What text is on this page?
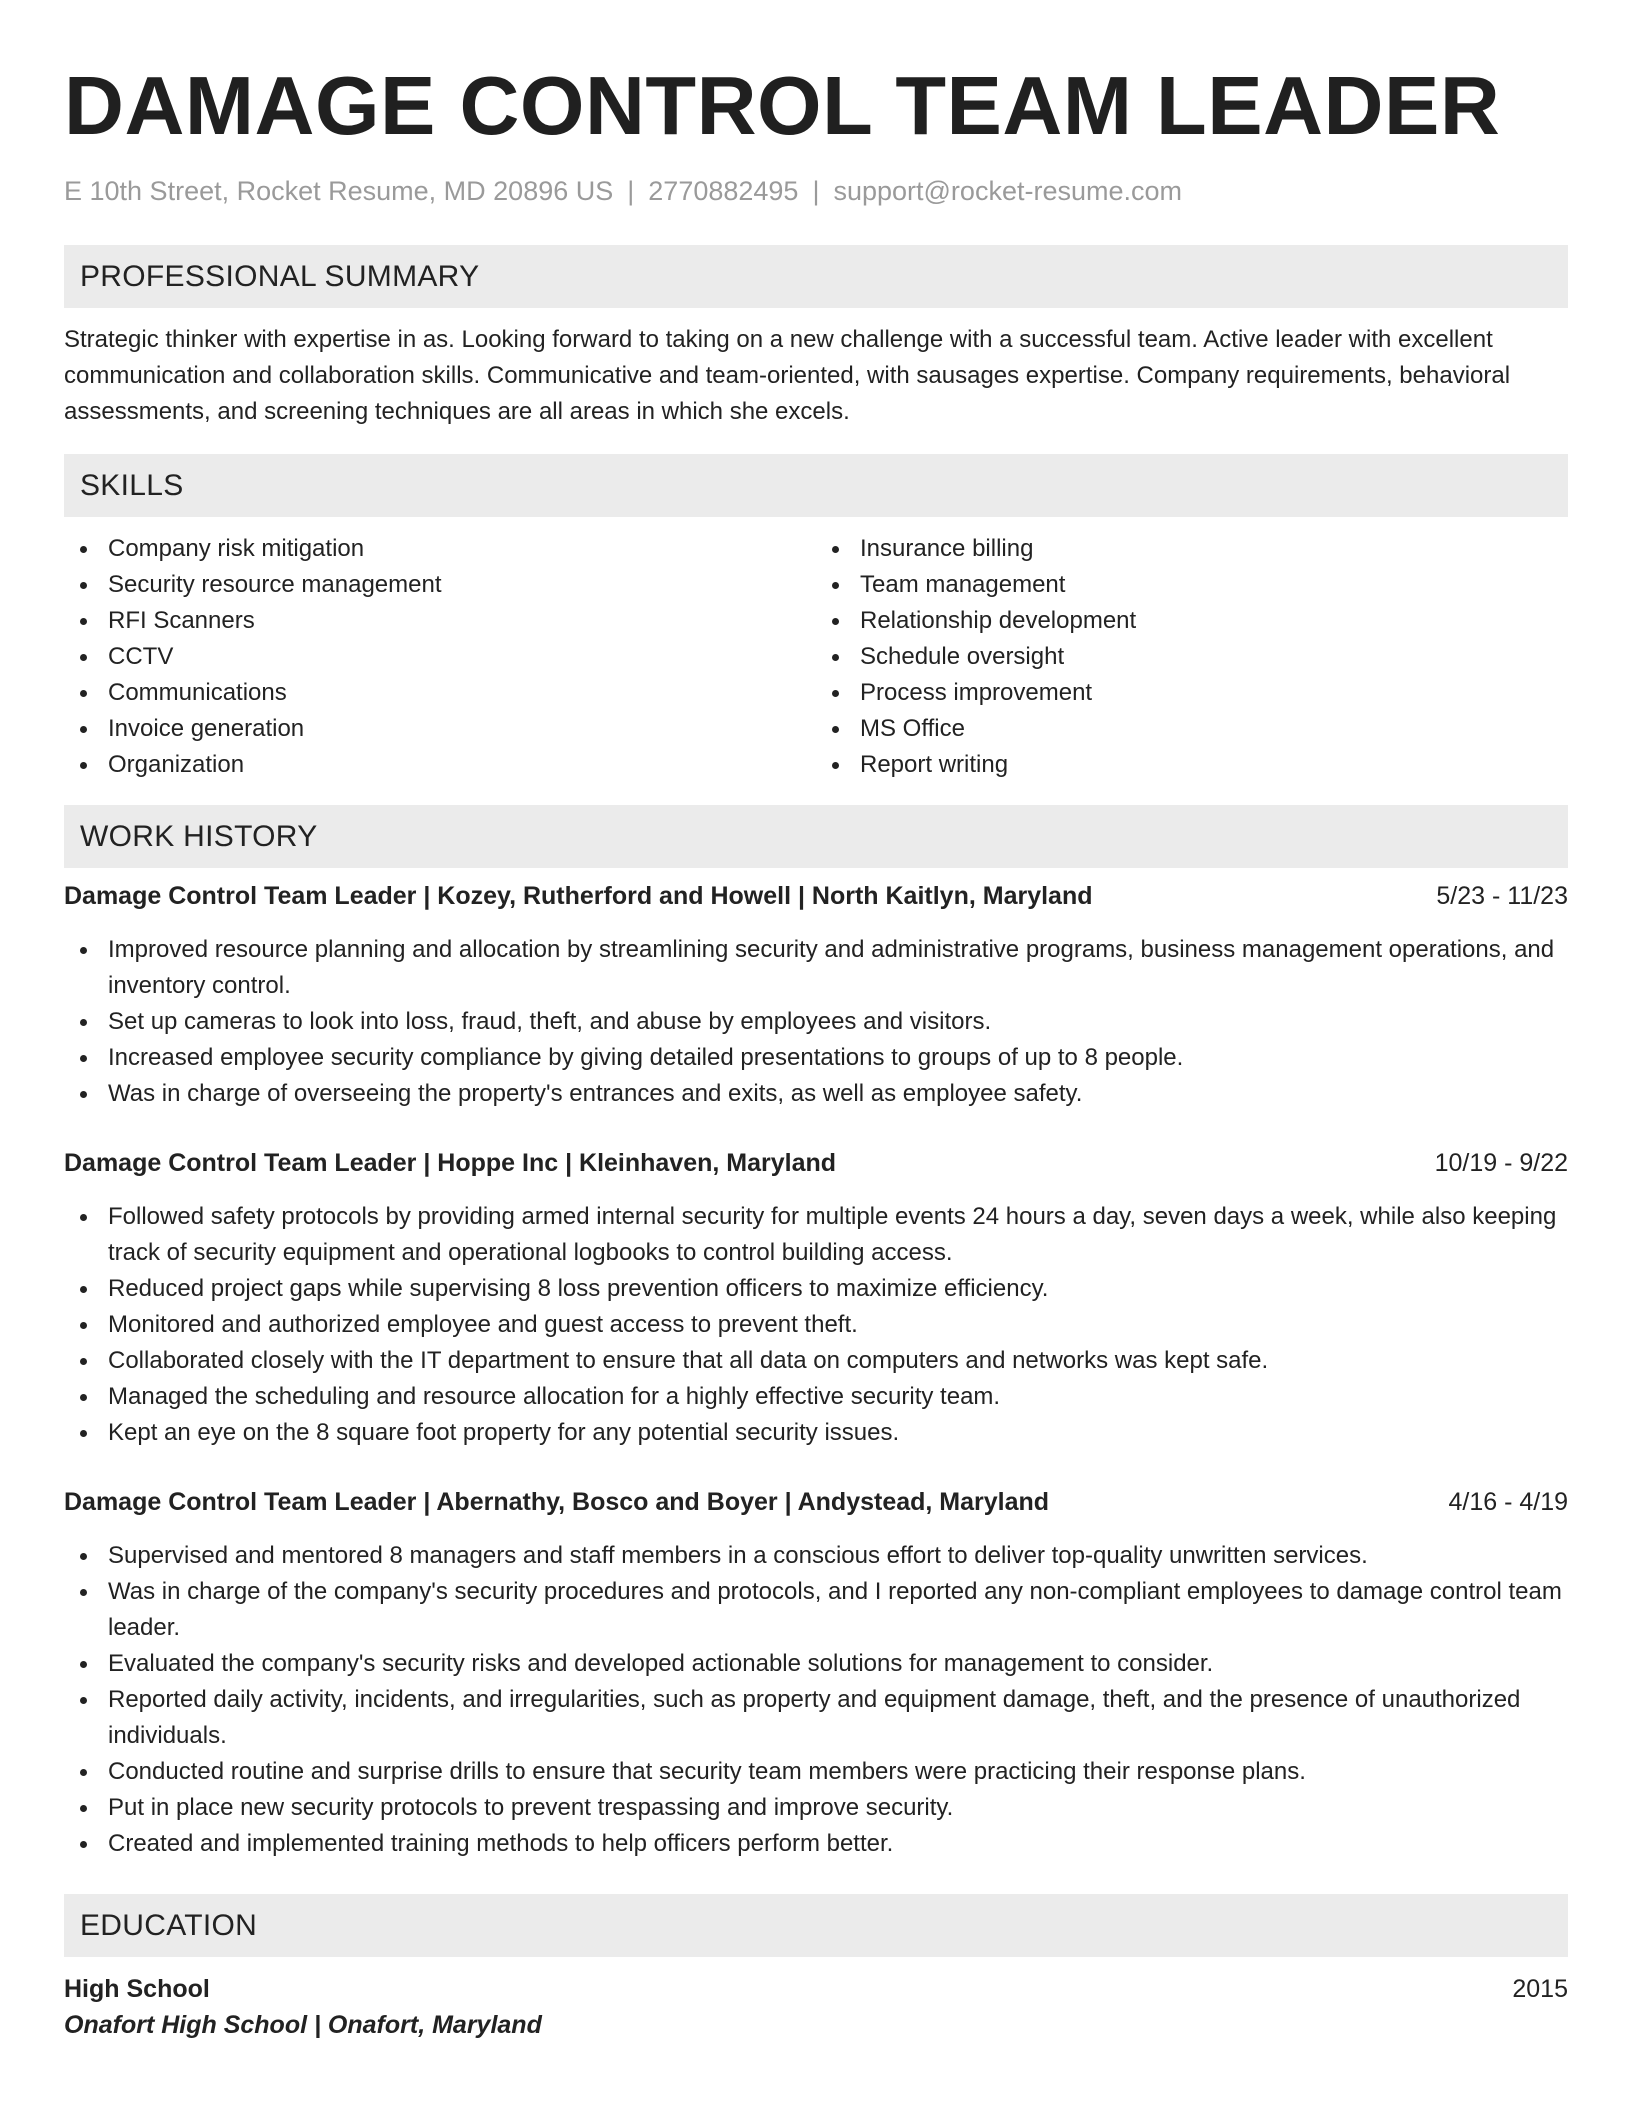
DAMAGE CONTROL TEAM LEADER
E 10th Street, Rocket Resume, MD 20896 US | 2770882495 | support@rocket-resume.com
PROFESSIONAL SUMMARY
Strategic thinker with expertise in as. Looking forward to taking on a new challenge with a successful team. Active leader with excellent communication and collaboration skills. Communicative and team-oriented, with sausages expertise. Company requirements, behavioral assessments, and screening techniques are all areas in which she excels.
SKILLS
Company risk mitigation
Security resource management
RFI Scanners
CCTV
Communications
Invoice generation
Organization
Insurance billing
Team management
Relationship development
Schedule oversight
Process improvement
MS Office
Report writing
WORK HISTORY
Damage Control Team Leader | Kozey, Rutherford and Howell | North Kaitlyn, Maryland	5/23 - 11/23
Improved resource planning and allocation by streamlining security and administrative programs, business management operations, and inventory control.
Set up cameras to look into loss, fraud, theft, and abuse by employees and visitors.
Increased employee security compliance by giving detailed presentations to groups of up to 8 people.
Was in charge of overseeing the property's entrances and exits, as well as employee safety.
Damage Control Team Leader | Hoppe Inc | Kleinhaven, Maryland	10/19 - 9/22
Followed safety protocols by providing armed internal security for multiple events 24 hours a day, seven days a week, while also keeping track of security equipment and operational logbooks to control building access.
Reduced project gaps while supervising 8 loss prevention officers to maximize efficiency.
Monitored and authorized employee and guest access to prevent theft.
Collaborated closely with the IT department to ensure that all data on computers and networks was kept safe.
Managed the scheduling and resource allocation for a highly effective security team.
Kept an eye on the 8 square foot property for any potential security issues.
Damage Control Team Leader | Abernathy, Bosco and Boyer | Andystead, Maryland	4/16 - 4/19
Supervised and mentored 8 managers and staff members in a conscious effort to deliver top-quality unwritten services.
Was in charge of the company's security procedures and protocols, and I reported any non-compliant employees to damage control team leader.
Evaluated the company's security risks and developed actionable solutions for management to consider.
Reported daily activity, incidents, and irregularities, such as property and equipment damage, theft, and the presence of unauthorized individuals.
Conducted routine and surprise drills to ensure that security team members were practicing their response plans.
Put in place new security protocols to prevent trespassing and improve security.
Created and implemented training methods to help officers perform better.
EDUCATION
High School	2015
Onafort High School | Onafort, Maryland
